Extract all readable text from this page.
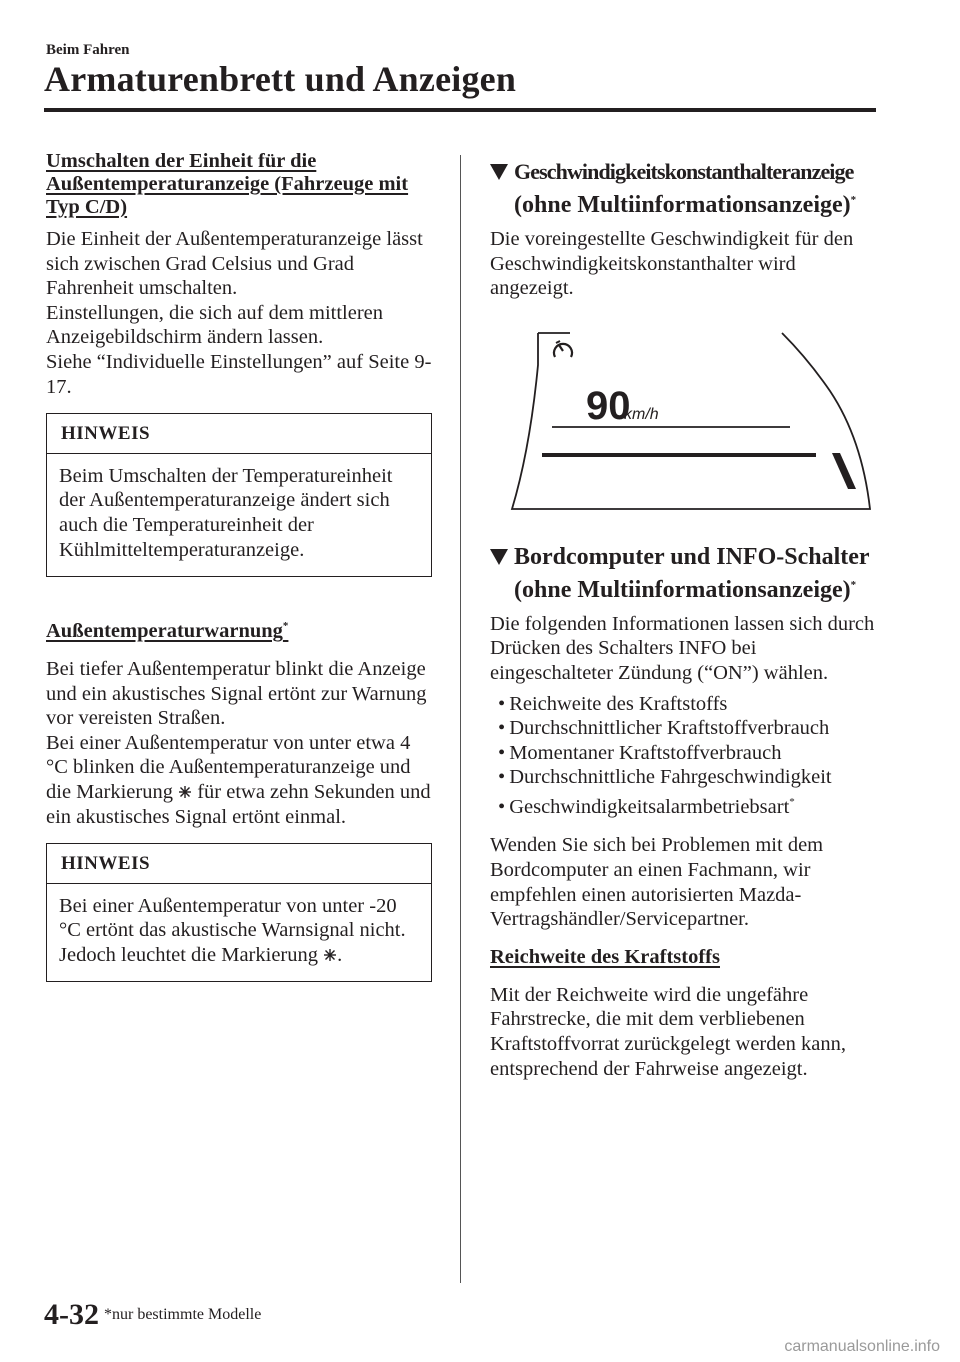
Beim Fahren
Armaturenbrett und Anzeigen

Umschalten der Einheit für die Außentemperaturanzeige (Fahrzeuge mit Typ C/D)

Die Einheit der Außentemperaturanzeige lässt sich zwischen Grad Celsius und Grad Fahrenheit umschalten.

Einstellungen, die sich auf dem mittleren Anzeigebildschirm ändern lassen.

Siehe “Individuelle Einstellungen” auf Seite 9-17.

HINWEIS
Beim Umschalten der Temperatureinheit der Außentemperaturanzeige ändert sich auch die Temperatureinheit der Kühlmitteltemperaturanzeige.

Außentemperaturwarnung*

Bei tiefer Außentemperatur blinkt die Anzeige und ein akustisches Signal ertönt zur Warnung vor vereisten Straßen.

Bei einer Außentemperatur von unter etwa 4 °C blinken die Außentemperaturanzeige und die Markierung für etwa zehn Sekunden und ein akustisches Signal ertönt einmal.

HINWEIS
Bei einer Außentemperatur von unter -20 °C ertönt das akustische Warnsignal nicht. Jedoch leuchtet die Markierung .
Geschwindigkeitskonstanthalteranzeige
(ohne Multiinformationsanzeige)*

Die voreingestellte Geschwindigkeit für den Geschwindigkeitskonstanthalter wird angezeigt.

90
km/h
Bordcomputer und INFO-Schalter
(ohne Multiinformationsanzeige)*

Die folgenden Informationen lassen sich durch Drücken des Schalters INFO bei eingeschalteter Zündung (“ON”) wählen.

• Reichweite des Kraftstoffs
• Durchschnittlicher Kraftstoffverbrauch
• Momentaner Kraftstoffverbrauch
• Durchschnittliche Fahrgeschwindigkeit
• Geschwindigkeitsalarmbetriebsart*

Wenden Sie sich bei Problemen mit dem Bordcomputer an einen Fachmann, wir empfehlen einen autorisierten Mazda-Vertragshändler/Servicepartner.

Reichweite des Kraftstoffs

Mit der Reichweite wird die ungefähre Fahrstrecke, die mit dem verbliebenen Kraftstoffvorrat zurückgelegt werden kann, entsprechend der Fahrweise angezeigt.

4-32 *nur bestimmte Modelle
carmanualsonline.info
